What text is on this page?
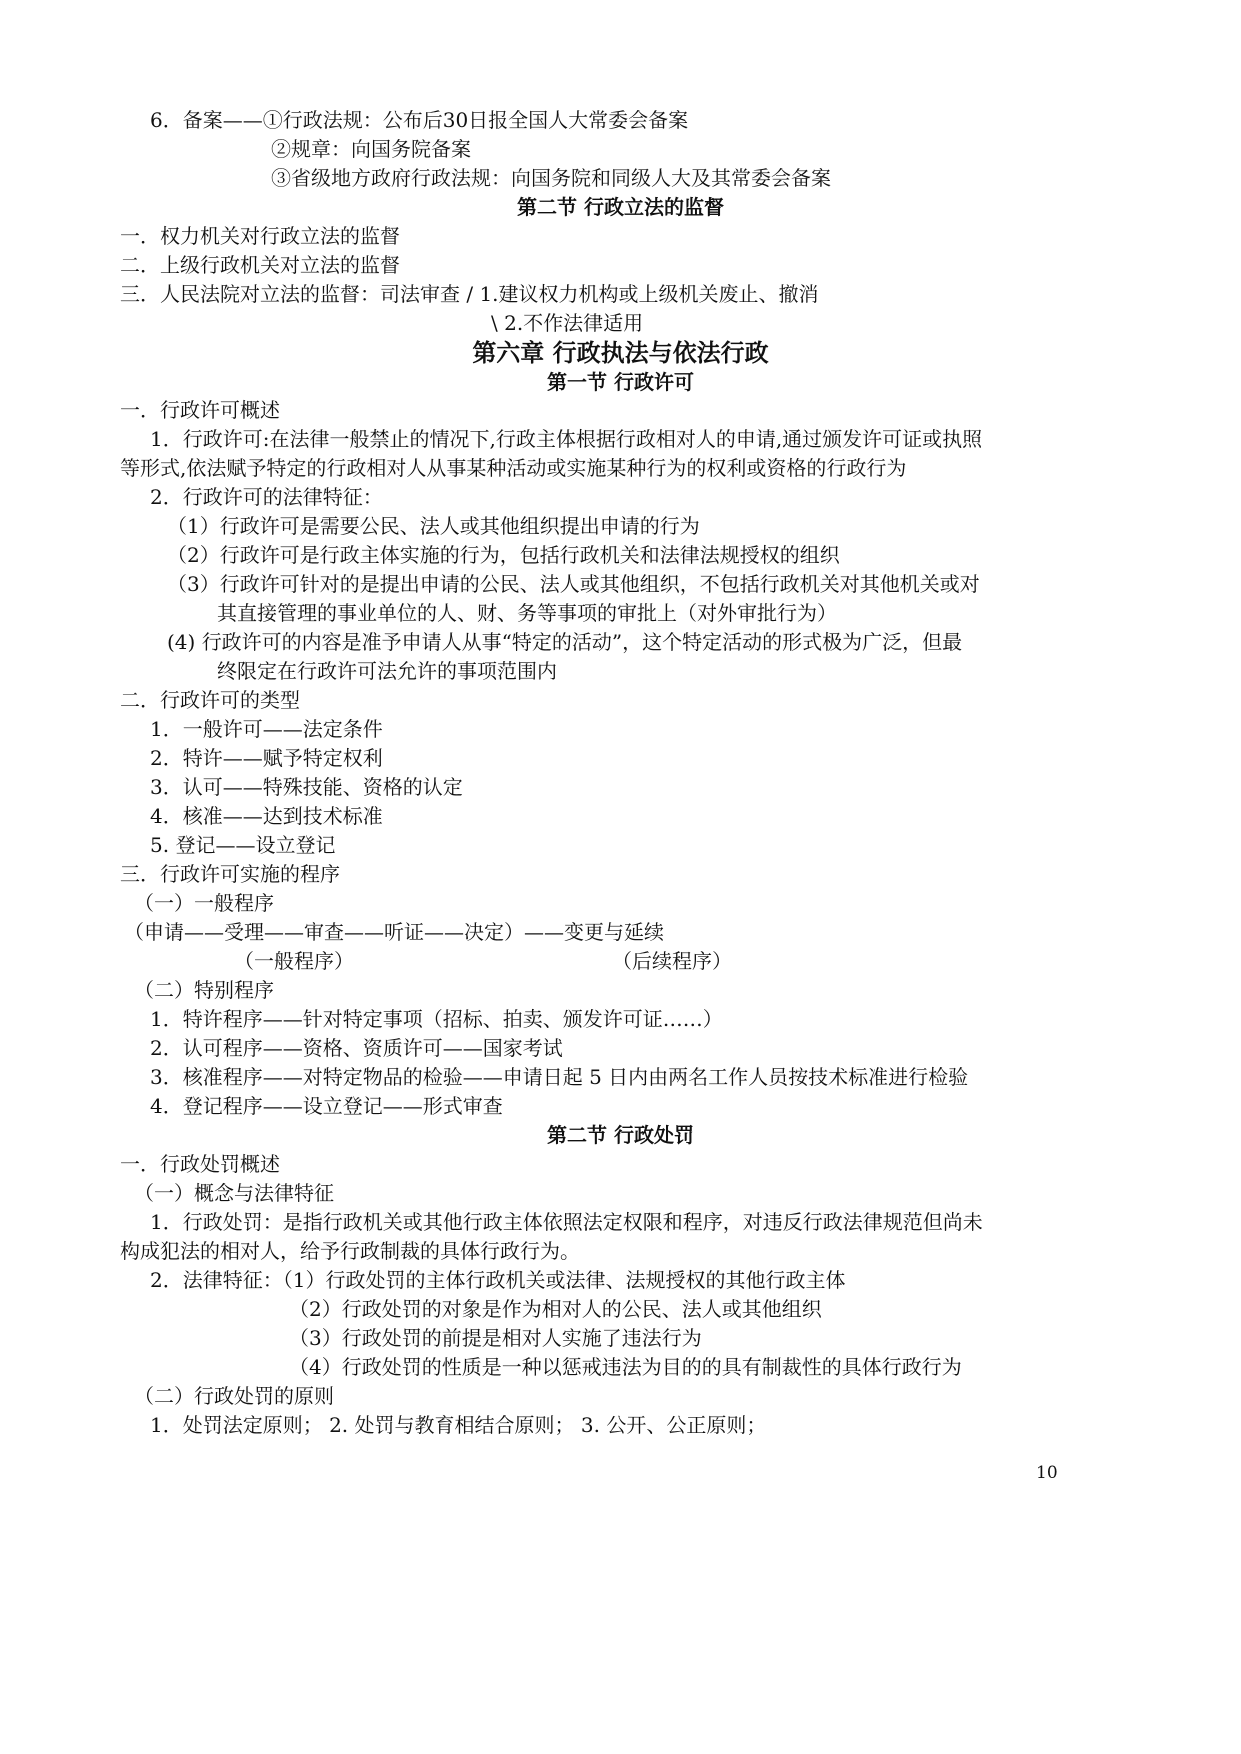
6．备案——①行政法规：公布后30日报全国人大常委会备案
②规章：向国务院备案
③省级地方政府行政法规：向国务院和同级人大及其常委会备案
第二节 行政立法的监督
一．权力机关对行政立法的监督
二．上级行政机关对立法的监督
三．人民法院对立法的监督：司法审查 / 1.建议权力机构或上级机关废止、撤消
\ 2.不作法律适用
第六章 行政执法与依法行政
第一节 行政许可
一．行政许可概述
1．行政许可:在法律一般禁止的情况下,行政主体根据行政相对人的申请,通过颁发许可证或执照
等形式,依法赋予特定的行政相对人从事某种活动或实施某种行为的权利或资格的行政行为
2．行政许可的法律特征：
（1）行政许可是需要公民、法人或其他组织提出申请的行为
（2）行政许可是行政主体实施的行为，包括行政机关和法律法规授权的组织
（3）行政许可针对的是提出申请的公民、法人或其他组织，不包括行政机关对其他机关或对
其直接管理的事业单位的人、财、务等事项的审批上（对外审批行为）
(4) 行政许可的内容是准予申请人从事“特定的活动”，这个特定活动的形式极为广泛，但最
终限定在行政许可法允许的事项范围内
二．行政许可的类型
1．一般许可——法定条件
2．特许——赋予特定权利
3．认可——特殊技能、资格的认定
4．核准——达到技术标准
5. 登记——设立登记
三．行政许可实施的程序
（一）一般程序
（申请——受理——审查——听证——决定）——变更与延续
（一般程序）	（后续程序）
（二）特别程序
1．特许程序——针对特定事项（招标、拍卖、颁发许可证……）
2．认可程序——资格、资质许可——国家考试
3．核准程序——对特定物品的检验——申请日起 5 日内由两名工作人员按技术标准进行检验
4．登记程序——设立登记——形式审查
第二节 行政处罚
一．行政处罚概述
（一）概念与法律特征
1．行政处罚：是指行政机关或其他行政主体依照法定权限和程序，对违反行政法律规范但尚未
构成犯法的相对人，给予行政制裁的具体行政行为。
2．法律特征：（1）行政处罚的主体行政机关或法律、法规授权的其他行政主体
（2）行政处罚的对象是作为相对人的公民、法人或其他组织
（3）行政处罚的前提是相对人实施了违法行为
（4）行政处罚的性质是一种以惩戒违法为目的的具有制裁性的具体行政行为
（二）行政处罚的原则
1．处罚法定原则； 2. 处罚与教育相结合原则； 3. 公开、公正原则；
10
